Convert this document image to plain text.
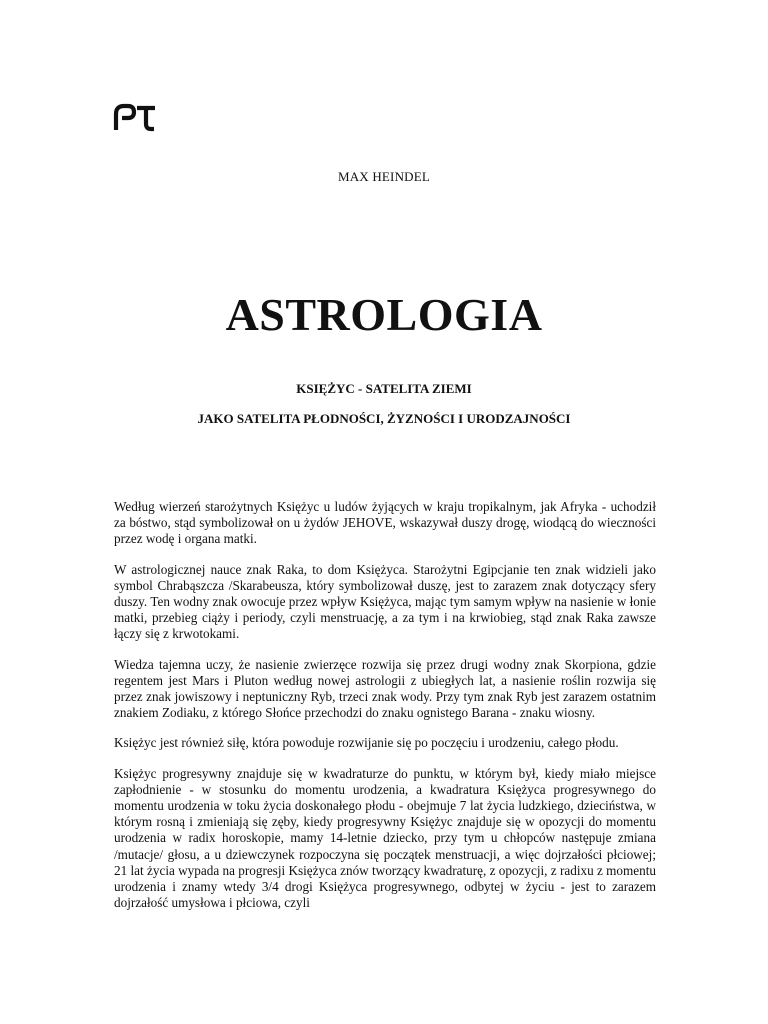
MAX HEINDEL
ASTROLOGIA
KSIĘŻYC - SATELITA ZIEMI
JAKO SATELITA PŁODNOŚCI, ŻYZNOŚCI I URODZAJNOŚCI

Według wierzeń starożytnych Księżyc u ludów żyjących w kraju tropikalnym, jak Afryka - uchodził za bóstwo, stąd symbolizował on u żydów JEHOVE, wskazywał duszy drogę, wiodącą do wieczności przez wodę i organa matki.

W astrologicznej nauce znak Raka, to dom Księżyca. Starożytni Egipcjanie ten znak widzieli jako symbol Chrabąszcza /Skarabeusza, który symbolizował duszę, jest to zarazem znak dotyczący sfery duszy. Ten wodny znak owocuje przez wpływ Księżyca, mając tym samym wpływ na nasienie w łonie matki, przebieg ciąży i periody, czyli menstruację, a za tym i na krwiobieg, stąd znak Raka zawsze łączy się z krwotokami.

Wiedza tajemna uczy, że nasienie zwierzęce rozwija się przez drugi wodny znak Skorpiona, gdzie regentem jest Mars i Pluton według nowej astrologii z ubiegłych lat, a nasienie roślin rozwija się przez znak jowiszowy i neptuniczny Ryb, trzeci znak wody. Przy tym znak Ryb jest zarazem ostatnim znakiem Zodiaku, z którego Słońce przechodzi do znaku ognistego Barana - znaku wiosny.

Księżyc jest również siłę, która powoduje rozwijanie się po poczęciu i urodzeniu, całego płodu.

Księżyc progresywny znajduje się w kwadraturze do punktu, w którym był, kiedy miało miejsce zapłodnienie - w stosunku do momentu urodzenia, a kwadratura Księżyca progresywnego do momentu urodzenia w toku życia doskonałego płodu - obejmuje 7 lat życia ludzkiego, dzieciństwa, w którym rosną i zmieniają się zęby, kiedy progresywny Księżyc znajduje się w opozycji do momentu urodzenia w radix horoskopie, mamy 14-letnie dziecko, przy tym u chłopców następuje zmiana /mutacje/ głosu, a u dziewczynek rozpoczyna się początek menstruacji, a więc dojrzałości płciowej; 21 lat życia wypada na progresji Księżyca znów tworzący kwadraturę, z opozycji, z radixu z momentu urodzenia i znamy wtedy 3/4 drogi Księżyca progresywnego, odbytej w życiu - jest to zarazem dojrzałość umysłowa i płciowa, czyli
